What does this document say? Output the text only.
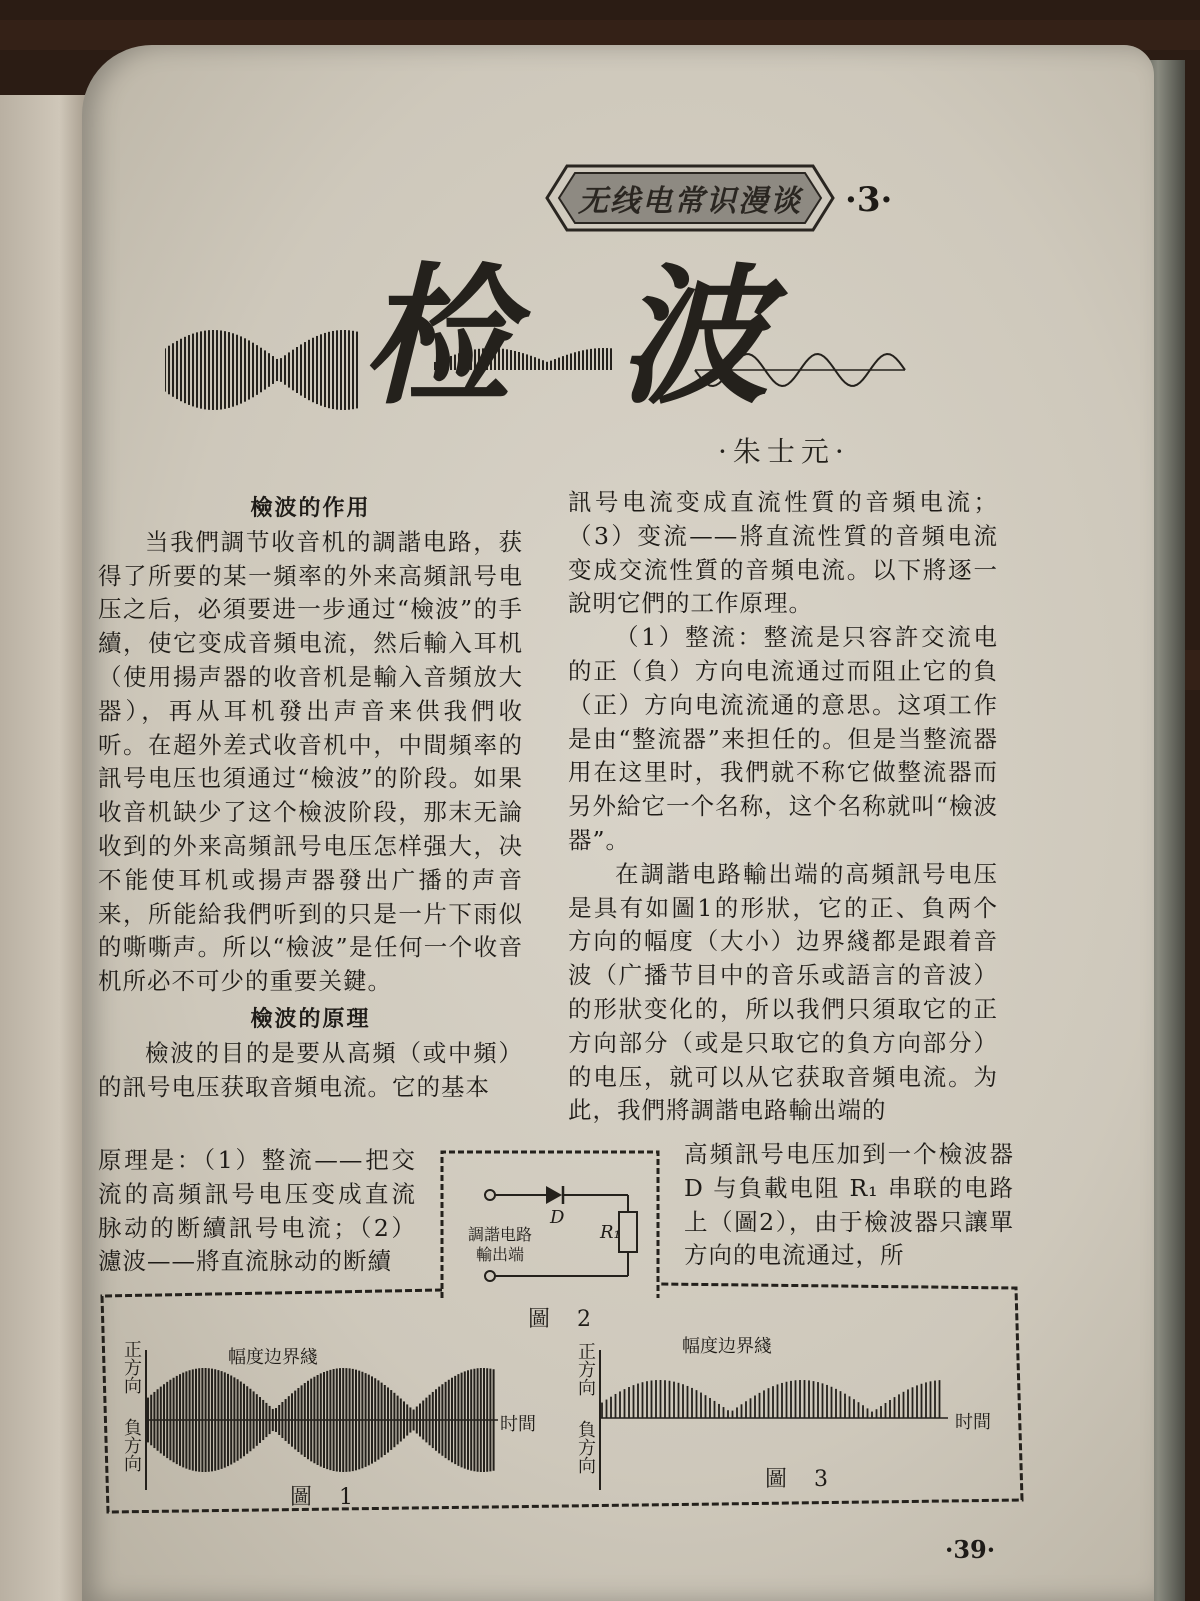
无线电常识漫谈	·3·
检 波
·朱士元·
檢波的作用

当我們調节收音机的調諧电路，获得了所要的某一頻率的外来高頻訊号电压之后，必須要进一步通过“檢波”的手續，使它变成音頻电流，然后輸入耳机（使用揚声器的收音机是輸入音頻放大器），再从耳机發出声音来供我們收听。在超外差式收音机中，中間頻率的訊号电压也須通过“檢波”的阶段。如果收音机缺少了这个檢波阶段，那末无論收到的外来高頻訊号电压怎样强大，决不能使耳机或揚声器發出广播的声音来，所能給我們听到的只是一片下雨似的嘶嘶声。所以“檢波”是任何一个收音机所必不可少的重要关鍵。

檢波的原理

檢波的目的是要从高頻（或中頻）的訊号电压获取音頻电流。它的基本

原理是：（1）整流——把交流的高頻訊号电压变成直流脉动的断續訊号电流；（2）濾波——將直流脉动的断續

訊号电流变成直流性質的音頻电流；（3）变流——將直流性質的音頻电流变成交流性質的音頻电流。以下將逐一說明它們的工作原理。

（1）整流：整流是只容許交流电的正（負）方向电流通过而阻止它的負（正）方向电流流通的意思。这項工作是由“整流器”来担任的。但是当整流器用在这里时，我們就不称它做整流器而另外給它一个名称，这个名称就叫“檢波器”。

在調諧电路輸出端的高頻訊号电压是具有如圖1的形狀，它的正、負两个方向的幅度（大小）边界綫都是跟着音波（广播节目中的音乐或語言的音波）的形狀变化的，所以我們只須取它的正方向部分（或是只取它的負方向部分）的电压，就可以从它获取音頻电流。为此，我們將調諧电路輸出端的

高頻訊号电压加到一个檢波器 D 与負載电阻 R₁ 串联的电路上（圖2），由于檢波器只讓單方向的电流通过，所

D
R₁
調諧电路
輸出端
圖 2
正方向
負方向
幅度边界綫
时間
圖 1
正方向
負方向
幅度边界綫
时間
圖 3
·39·
